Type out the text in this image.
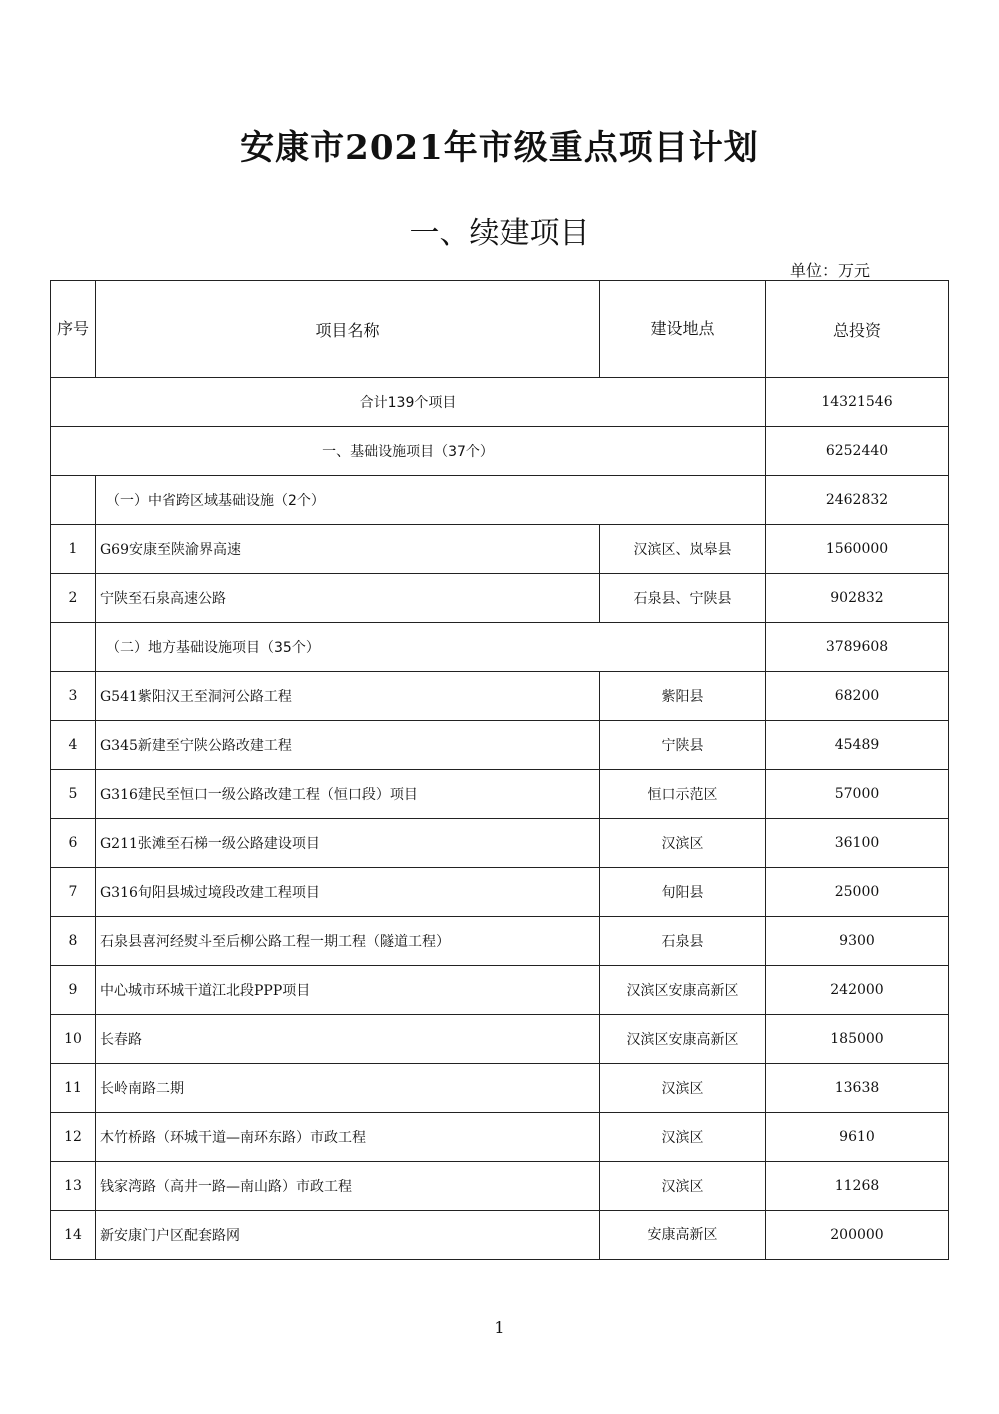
安康市2021年市级重点项目计划
一、续建项目
单位：万元
序号	项目名称	建设地点	总投资
合计139个项目			14321546
一、基础设施项目（37个）			6252440
	（一）中省跨区域基础设施（2个）		2462832
1	G69安康至陕渝界高速	汉滨区、岚皋县	1560000
2	宁陕至石泉高速公路	石泉县、宁陕县	902832
	（二）地方基础设施项目（35个）		3789608
3	G541紫阳汉王至洞河公路工程	紫阳县	68200
4	G345新建至宁陕公路改建工程	宁陕县	45489
5	G316建民至恒口一级公路改建工程（恒口段）项目	恒口示范区	57000
6	G211张滩至石梯一级公路建设项目	汉滨区	36100
7	G316旬阳县城过境段改建工程项目	旬阳县	25000
8	石泉县喜河经熨斗至后柳公路工程一期工程（隧道工程）	石泉县	9300
9	中心城市环城干道江北段PPP项目	汉滨区安康高新区	242000
10	长春路	汉滨区安康高新区	185000
11	长岭南路二期	汉滨区	13638
12	木竹桥路（环城干道—南环东路）市政工程	汉滨区	9610
13	钱家湾路（高井一路—南山路）市政工程	汉滨区	11268
14	新安康门户区配套路网	安康高新区	200000
1
